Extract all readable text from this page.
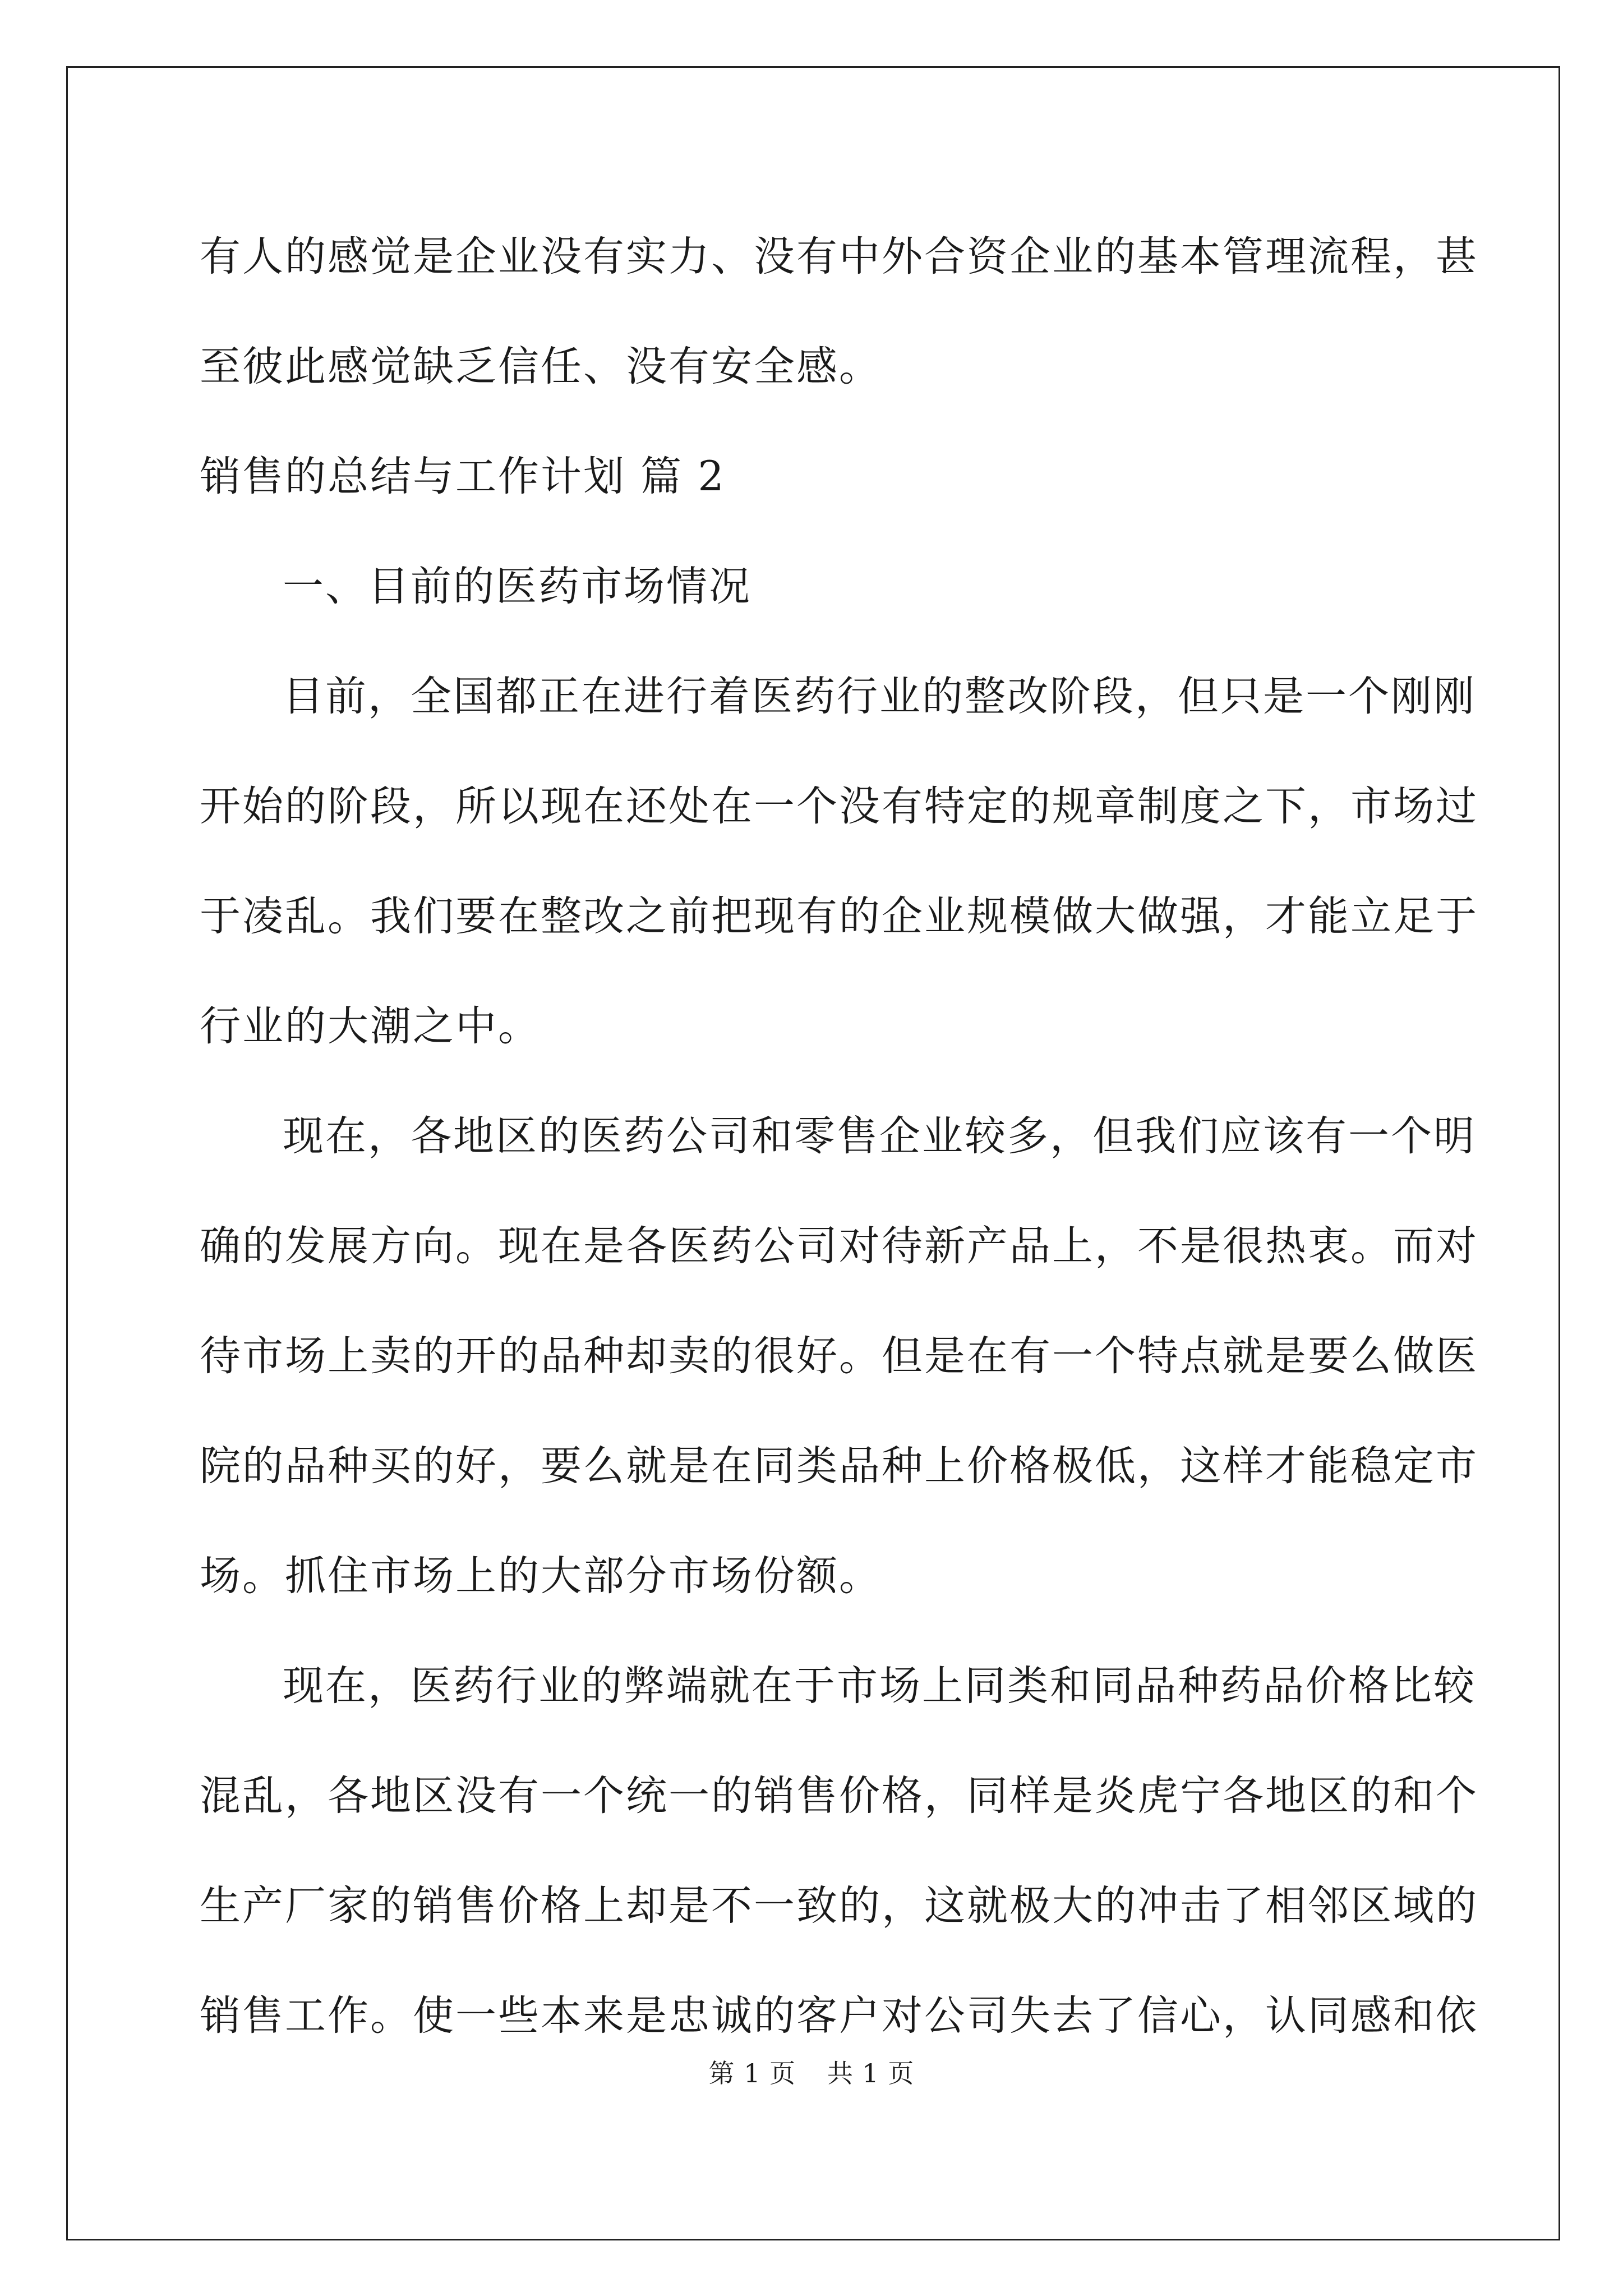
有人的感觉是企业没有实力、没有中外合资企业的基本管理流程，甚
至彼此感觉缺乏信任、没有安全感。
销售的总结与工作计划 篇 2
一、目前的医药市场情况
目前，全国都正在进行着医药行业的整改阶段，但只是一个刚刚
开始的阶段，所以现在还处在一个没有特定的规章制度之下，市场过
于凌乱。我们要在整改之前把现有的企业规模做大做强，才能立足于
行业的大潮之中。
现在，各地区的医药公司和零售企业较多，但我们应该有一个明
确的发展方向。现在是各医药公司对待新产品上，不是很热衷。而对
待市场上卖的开的品种却卖的很好。但是在有一个特点就是要么做医
院的品种买的好，要么就是在同类品种上价格极低，这样才能稳定市
场。抓住市场上的大部分市场份额。
现在，医药行业的弊端就在于市场上同类和同品种药品价格比较
混乱，各地区没有一个统一的销售价格，同样是炎虎宁各地区的和个
生产厂家的销售价格上却是不一致的，这就极大的冲击了相邻区域的
销售工作。使一些本来是忠诚的客户对公司失去了信心，认同感和依
第 1 页 共 1 页
